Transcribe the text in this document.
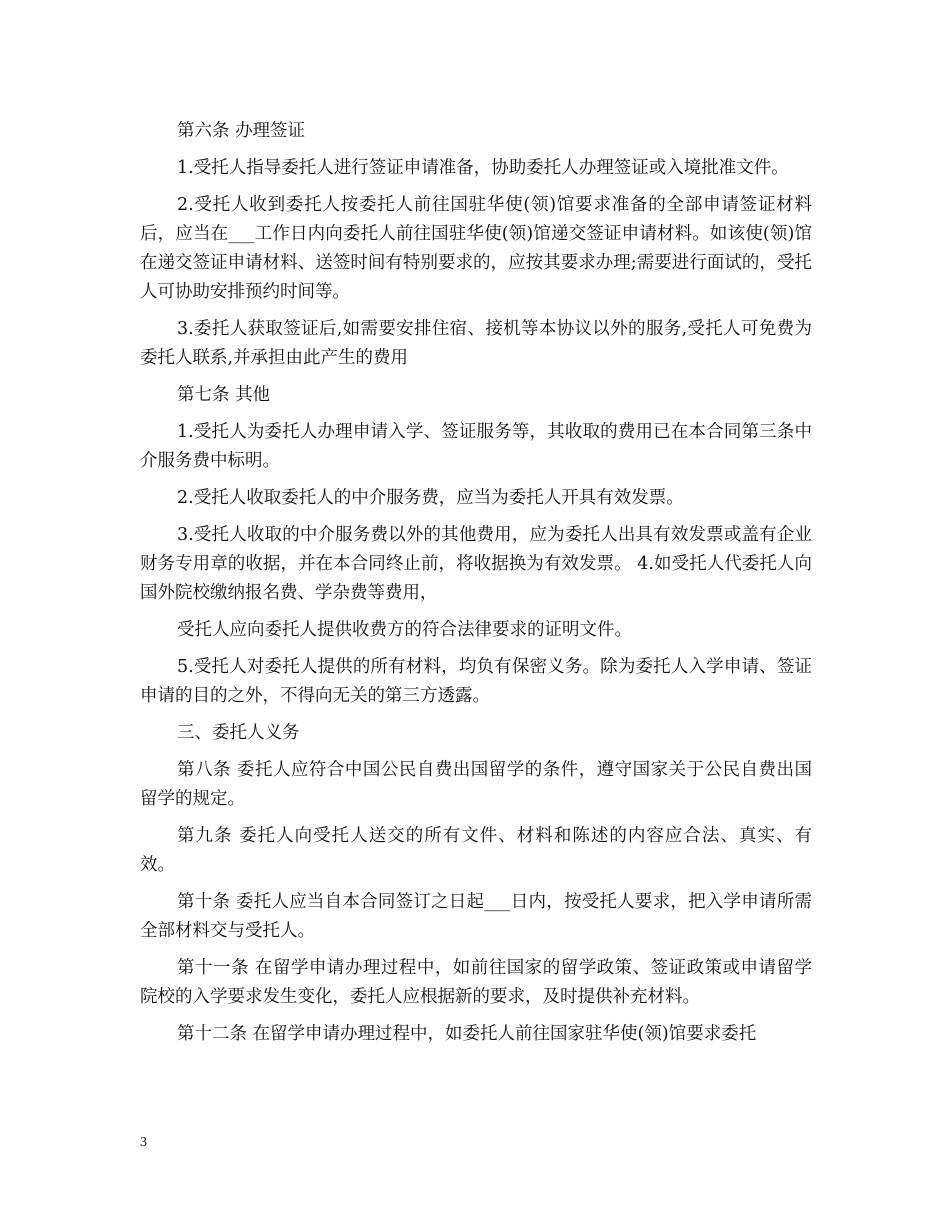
第六条 办理签证

1.受托人指导委托人进行签证申请准备，协助委托人办理签证或入境批准文件。

2.受托人收到委托人按委托人前往国驻华使(领)馆要求准备的全部申请签证材料后，应当在___工作日内向委托人前往国驻华使(领)馆递交签证申请材料。如该使(领)馆在递交签证申请材料、送签时间有特别要求的，应按其要求办理;需要进行面试的，受托人可协助安排预约时间等。

3.委托人获取签证后,如需要安排住宿、接机等本协议以外的服务,受托人可免费为委托人联系,并承担由此产生的费用

第七条 其他

1.受托人为委托人办理申请入学、签证服务等，其收取的费用已在本合同第三条中介服务费中标明。

2.受托人收取委托人的中介服务费，应当为委托人开具有效发票。

3.受托人收取的中介服务费以外的其他费用，应为委托人出具有效发票或盖有企业财务专用章的收据，并在本合同终止前，将收据换为有效发票。 4.如受托人代委托人向国外院校缴纳报名费、学杂费等费用，

受托人应向委托人提供收费方的符合法律要求的证明文件。

5.受托人对委托人提供的所有材料，均负有保密义务。除为委托人入学申请、签证申请的目的之外，不得向无关的第三方透露。

三、委托人义务

第八条 委托人应符合中国公民自费出国留学的条件，遵守国家关于公民自费出国留学的规定。

第九条 委托人向受托人送交的所有文件、材料和陈述的内容应合法、真实、有效。

第十条 委托人应当自本合同签订之日起___日内，按受托人要求，把入学申请所需全部材料交与受托人。

第十一条 在留学申请办理过程中，如前往国家的留学政策、签证政策或申请留学院校的入学要求发生变化，委托人应根据新的要求，及时提供补充材料。

第十二条 在留学申请办理过程中，如委托人前往国家驻华使(领)馆要求委托

3
